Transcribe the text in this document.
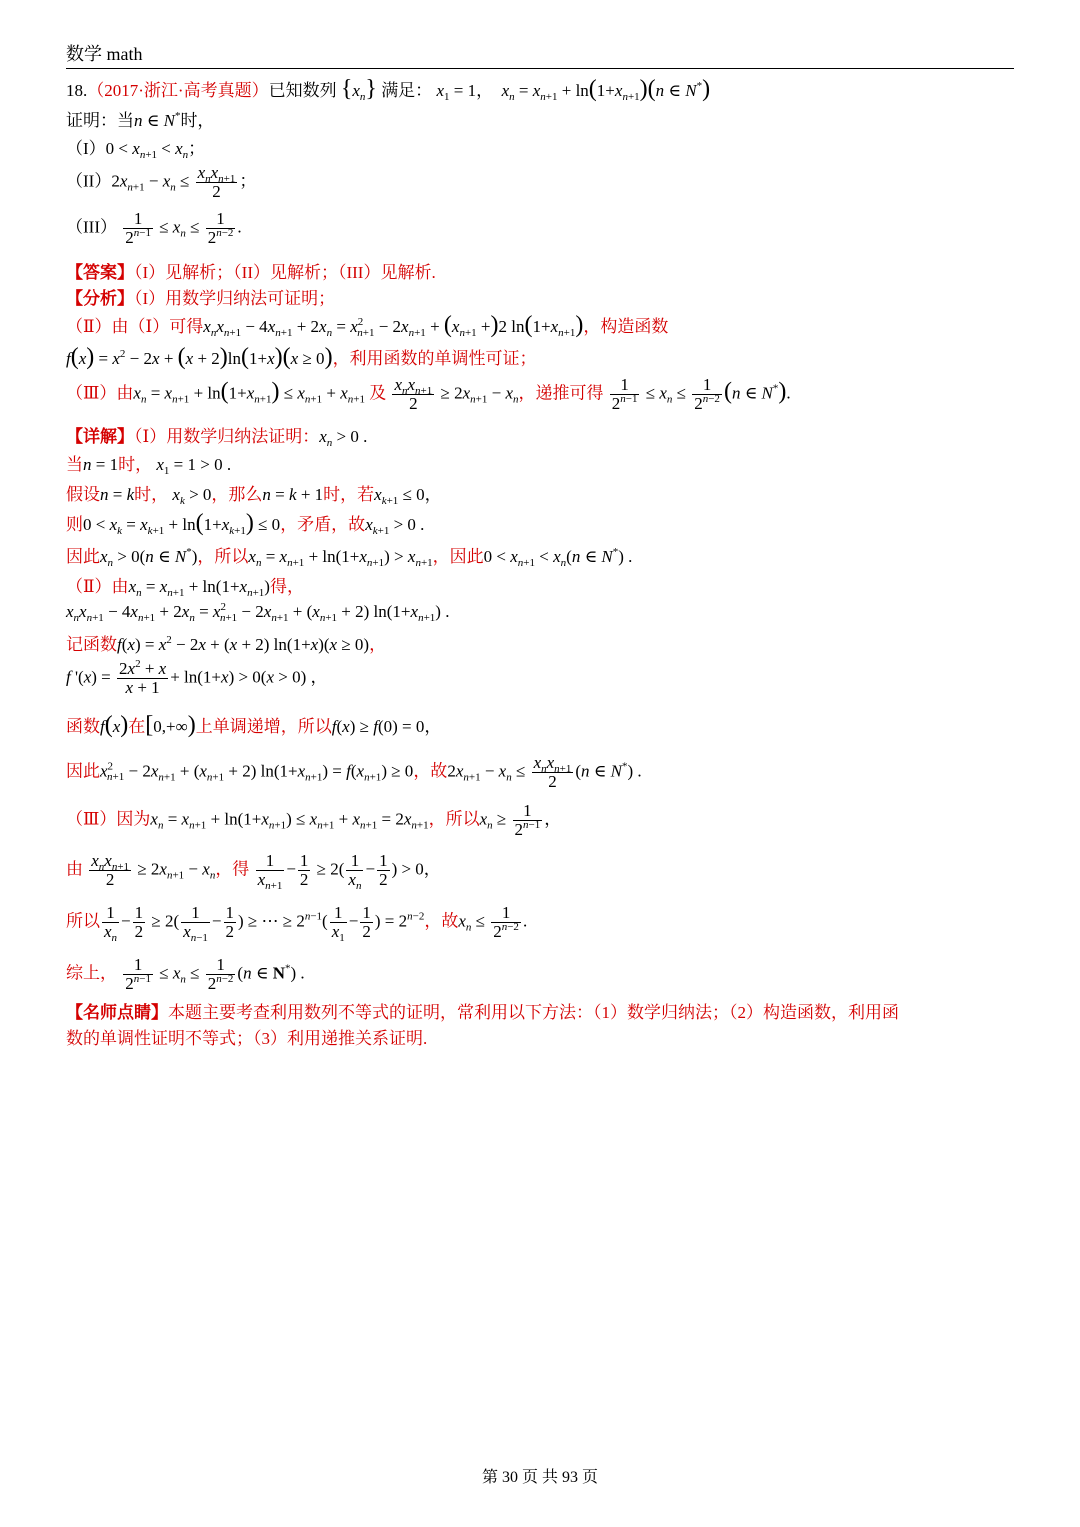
数学 math
18.（2017·浙江·高考真题）已知数列 $\{x_n\}$ 满足： $x_1 = 1$，  $x_n = x_{n+1} + \ln(1+x_{n+1})(n$ ∈ N*)
证明：当n ∈ N*时，
$(I)0 < x_{n+1} < x_n$；
$(II)2x_{n+1} - x_n \le \frac{x_nx_{n+1}}{2}$ ；
$(III) \frac{1}{2^{n-1}} \le x_n \le \frac{1}{2^{n-2}}$ .
【答案】（I）见解析；（II）见解析；（III）见解析.
【分析】（I）用数学归纳法可证明；
（Ⅱ）由（Ⅰ）可得$x_nx_{n+1} - 4x_{n+1} + 2x_n = x^2_{n+1} - 2x_{n+1} + (x_{n+1} +)2$ $\ln(1+x_{n+1})$，构造函数
$f(x) = x^2 - 2x + (x + 2)\ln(1+x)(x \ge 0)$，利用函数的单调性可证；
（Ⅲ）由$x_n = x_{n+1} + \ln(1+x_{n+1}) \le x_{n+1} + x_{n+1}$ 及 $\frac{x_nx_{n+1}}{2} \ge 2x_{n+1} - x_n$，递推可得 $\frac{1}{2^{n-1}} \le x_n \le \frac{1}{2^{n-2}} (n$ ∈ N*).
【详解】（Ⅰ）用数学归纳法证明：$x_n > 0$ .
当n = 1时， $x_1 = 1 > 0$ .
假设n = k时， $x_k > 0$，那么n = k + 1时，若$x_{k+1} \le 0$，
则$0 < x_k = x_{k+1} + \ln(1+x_{k+1}) \le 0$，矛盾，故$x_{k+1} > 0$ .
因此$x_n > 0(n$ ∈ N*)，所以$x_n = x_{n+1} + \ln(1+x_{n+1}) > x_{n+1}$，因此$0 < x_{n+1} < x_n(n$ ∈ N*) .
（Ⅱ）由$x_n = x_{n+1} + \ln(1+x_{n+1})$得，
$x_nx_{n+1} - 4x_{n+1} + 2x_n = x^2_{n+1} - 2x_{n+1} + (x_{n+1} + 2)$ $\ln(1+x_{n+1})$ .
记函数$f(x) = x^2 - 2x + (x + 2) \ln(1+x)(x \ge 0)$，
f '$(x) = \frac{2x^2 + x}{x + 1} + \ln(1+x) > 0(x > 0)$ ，
函数f(x)在[0,+∞)上单调递增，所以f(x) ≥ f(0) = 0，
因此$x^2_{n+1} - 2x_{n+1} + (x_{n+1} + 2) \ln(1+x_{n+1}) = f(x_{n+1}) \ge 0$，故$2x_{n+1} - x_n \le \frac{x_nx_{n+1}}{2} (n$ ∈ N*) .
（Ⅲ）因为$x_n = x_{n+1} + \ln(1+x_{n+1}) \le x_{n+1} + x_{n+1} = 2x_{n+1}$，所以$x_n \ge \frac{1}{2^{n-1}}$ ，
由 $\frac{x_nx_{n+1}}{2} \ge 2x_{n+1} - x_n$，得 $\frac{1}{x_{n+1}} - \frac{1}{2} \ge 2( \frac{1}{x_n} - \frac{1}{2}$ ) > 0，
所以 $\frac{1}{x_n} - \frac{1}{2} \ge 2( \frac{1}{x_{n-1}} - \frac{1}{2}$ ) ≥ ⋯ ≥ $2^{n-1}( \frac{1}{x_1} - \frac{1}{2}$ ) = $2^{n-2}$，故$x_n \le \frac{1}{2^{n-2}}$ .
综上， $\frac{1}{2^{n-1}} \le x_n \le \frac{1}{2^{n-2}} (n$ ∈ N*) .
【名师点睛】本题主要考查利用数列不等式的证明，常利用以下方法：（1）数学归纳法；（2）构造函数，利用函
数的单调性证明不等式；（3）利用递推关系证明.
第 30 页 共 93 页
